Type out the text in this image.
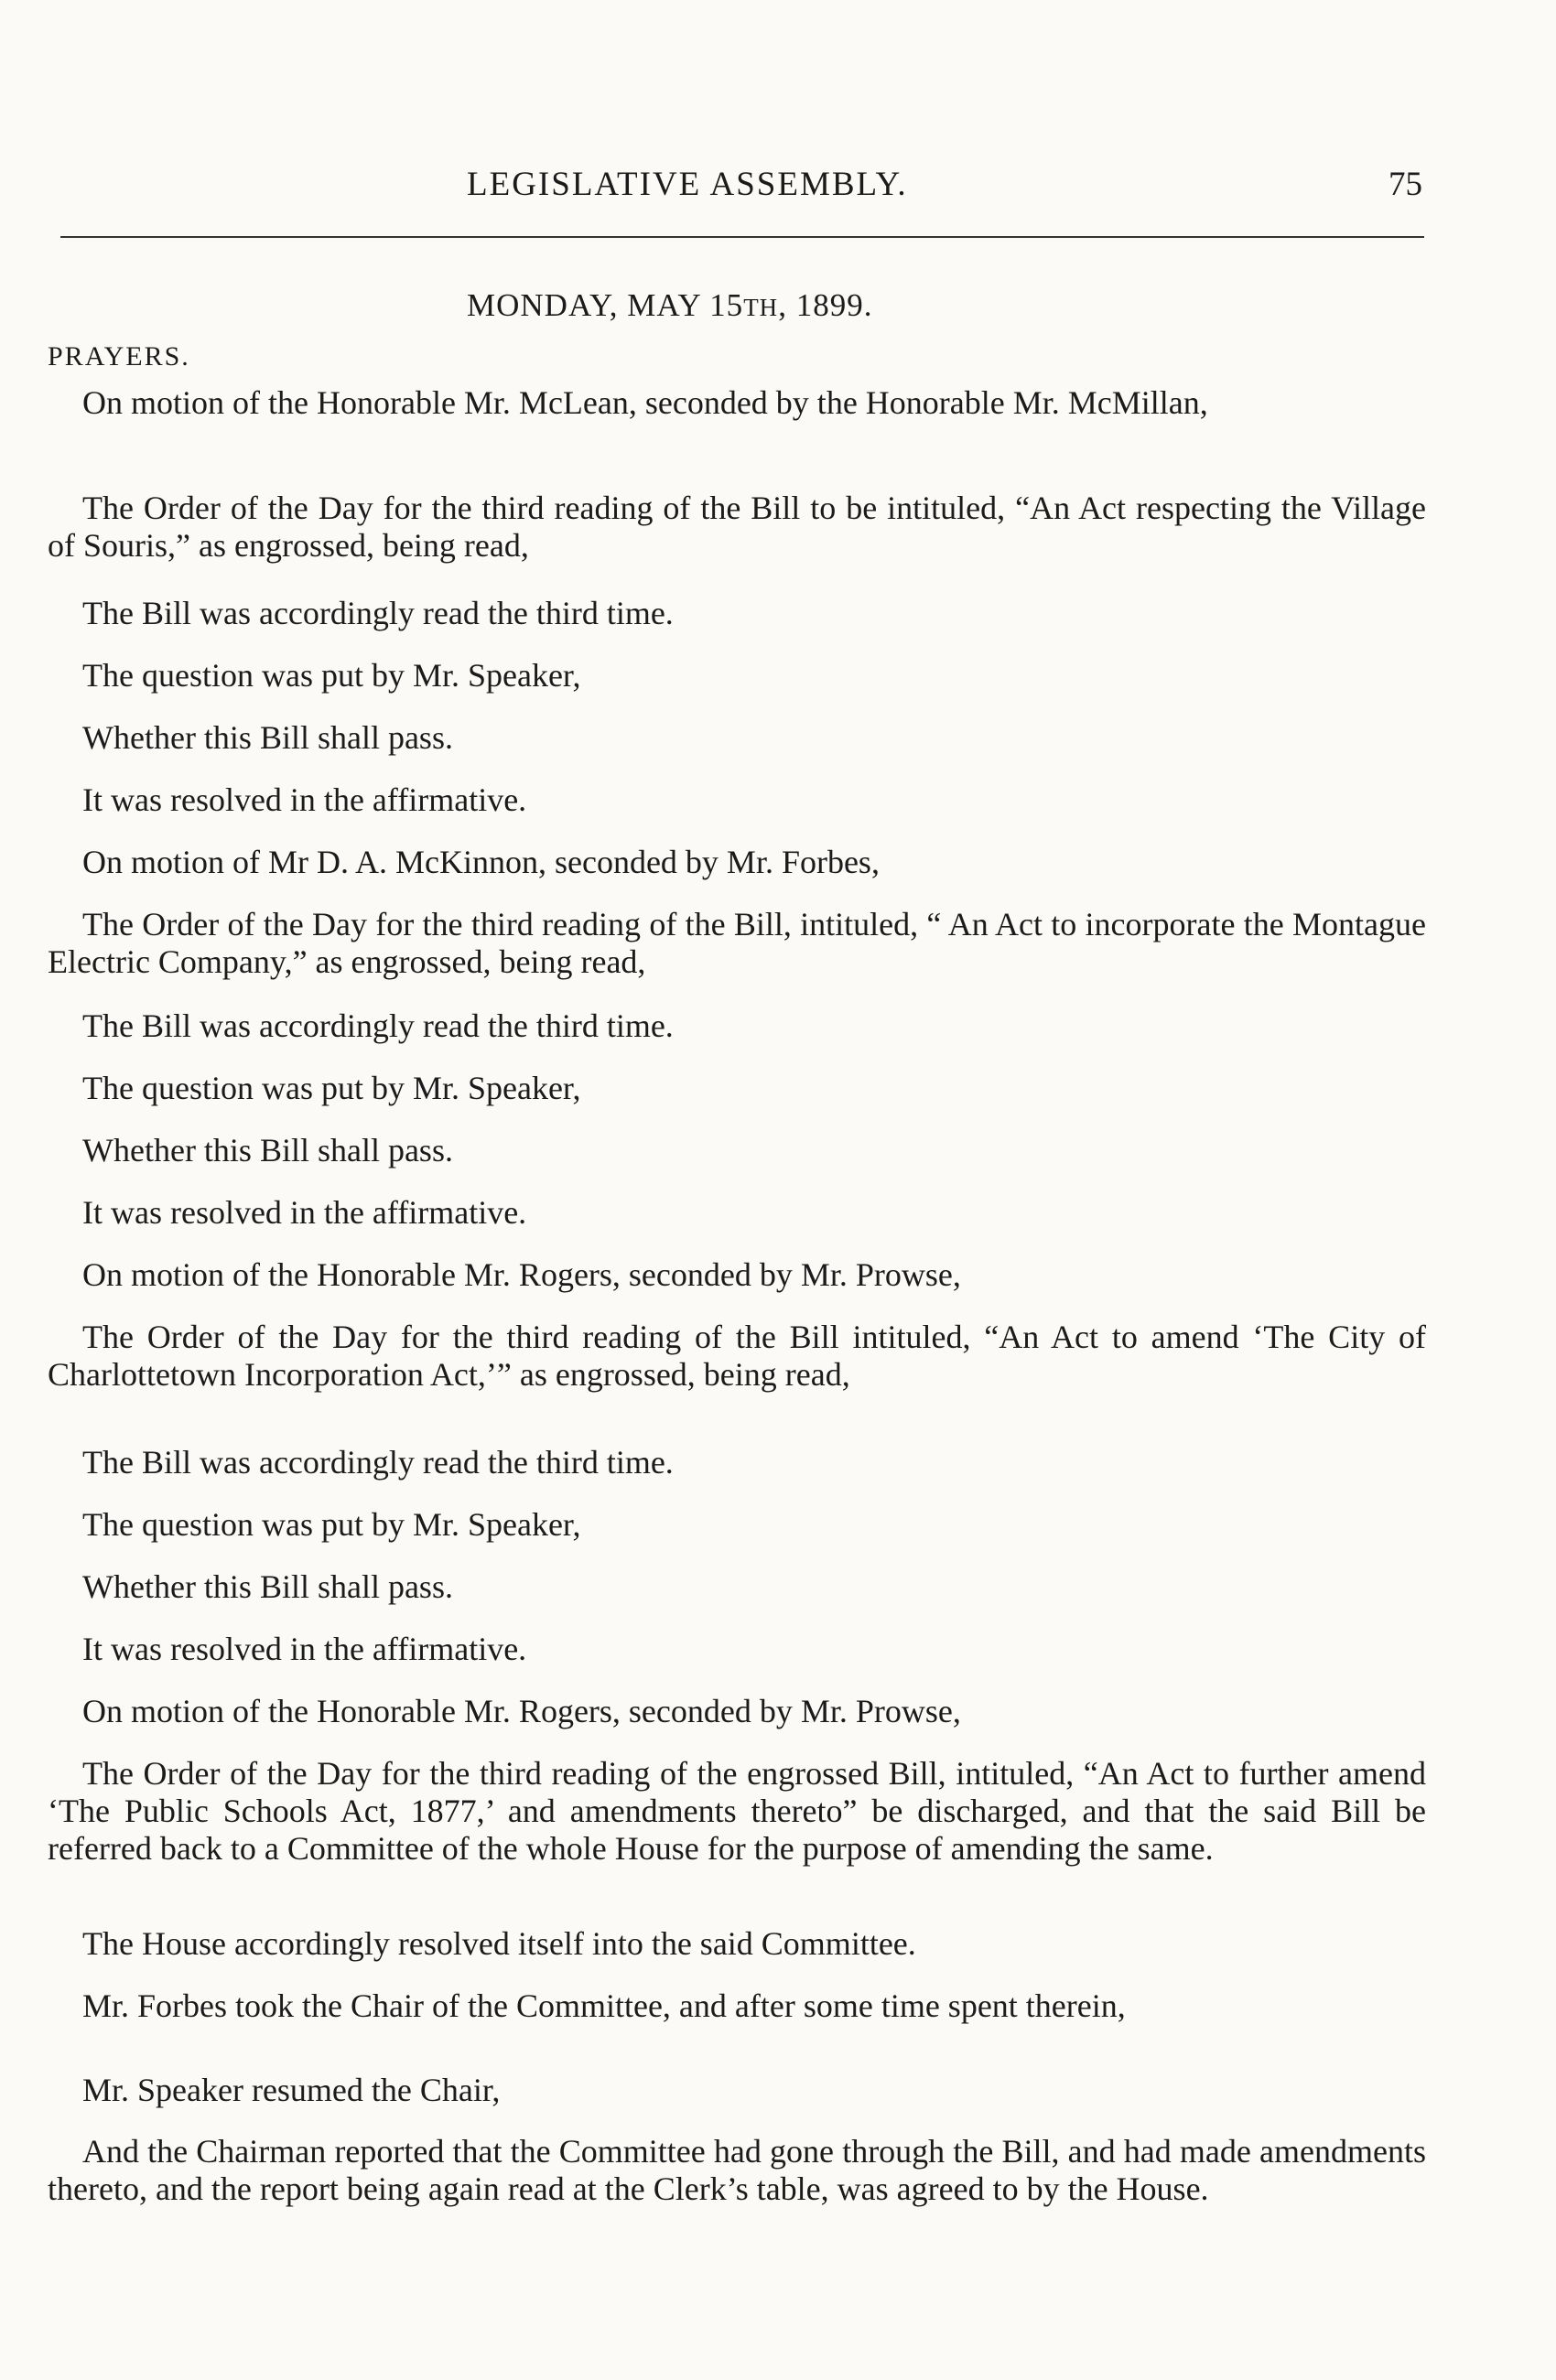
LEGISLATIVE ASSEMBLY.	75
MONDAY, MAY 15TH, 1899.
PRAYERS.

On motion of the Honorable Mr. McLean, seconded by the Honorable Mr. McMillan,

The Order of the Day for the third reading of the Bill to be intituled, “An Act respecting the Village of Souris,” as engrossed, being read,

The Bill was accordingly read the third time.

The question was put by Mr. Speaker,

Whether this Bill shall pass.

It was resolved in the affirmative.

On motion of Mr D. A. McKinnon, seconded by Mr. Forbes,

The Order of the Day for the third reading of the Bill, intituled, “ An Act to incorporate the Montague Electric Company,” as engrossed, being read,

The Bill was accordingly read the third time.

The question was put by Mr. Speaker,

Whether this Bill shall pass.

It was resolved in the affirmative.

On motion of the Honorable Mr. Rogers, seconded by Mr. Prowse,

The Order of the Day for the third reading of the Bill intituled, “An Act to amend ‘The City of Charlottetown Incorporation Act,’” as engrossed, being read,

The Bill was accordingly read the third time.

The question was put by Mr. Speaker,

Whether this Bill shall pass.

It was resolved in the affirmative.

On motion of the Honorable Mr. Rogers, seconded by Mr. Prowse,

The Order of the Day for the third reading of the engrossed Bill, intituled, “An Act to further amend ‘The Public Schools Act, 1877,’ and amendments thereto” be discharged, and that the said Bill be referred back to a Committee of the whole House for the purpose of amending the same.

The House accordingly resolved itself into the said Committee.

Mr. Forbes took the Chair of the Committee, and after some time spent therein,

Mr. Speaker resumed the Chair,

And the Chairman reported that the Committee had gone through the Bill, and had made amendments thereto, and the report being again read at the Clerk’s table, was agreed to by the House.
